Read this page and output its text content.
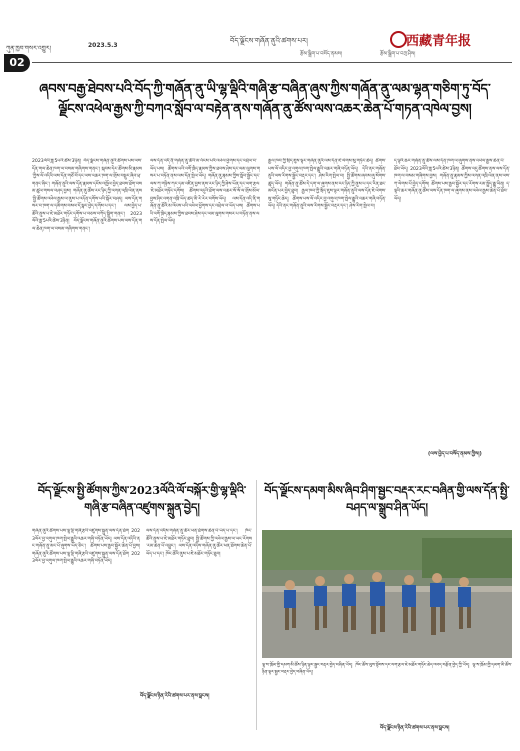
ཀུན་ཁྱབ་གསར་འགྱུར།	2023.5.3
བོད་ལྗོངས་གཞོན་ནུའི་ཚགས་པར།
རྩོམ་སྒྲིག་པ་བསོད་ནམས།	རྩོམ་སྒྲིག་པ་བཀྲ་ཤིས།
西藏青年报
02
ཞབས་བརྒྱ་ཐེབས་པའི་བོད་ཀྱི་གཞོན་ནུ་ཡི་ལྷ་ལྡིའི་གཞི་རྩ་བཞིན་ཞུས་ཀྱིས་གཞོན་ནུ་ལམ་ལྷན་གཅིག་ཏུ་བོད་ལྗོངས་འཕེལ་རྒྱས་ཀྱི་བཀའ་སློབ་ལ་བརྟེན་ནས་གཞོན་ནུ་ཚོས་ལས་འཆར་ཆེན་པོ་གཏན་འཁེལ་བྱས།
2023ལོའི་ཟླ་5པའི་ཚེས་3ཉིན། བོད་ལྗོངས་གཞོན་ནུའི་ཚོགས་པས་ལས་དོན་གལ་ཆེན་ཁག་ལ་བསམ་གཞིགས་གནང་། སྐབས་དེར་ཚོགས་མི་རྣམས་ཀྱིས་ལོ་འདིའི་ལས་དོན་གཙོ་བོ་དང་ལས་འཆར་ཁག་ལ་གྲོས་བསྡུར་ཞིབ་ཕྲ་གནང་ཞིང་། གཞོན་ནུའི་ལས་དོན་རྣམས་དངོས་འཁྱོལ་བྱེད་ཐབས་ཐོག་བསམ་ཚུལ་གསལ་བཤད་བྱས། གཞོན་ནུ་ཚོས་རང་ཉིད་ཀྱི་འགན་འཁྲི་ལེན་ནས་སྤྱི་ཚོགས་འཕེལ་རྒྱས་ལ་ནུས་པ་འདོན་དགོས་པའི་སྐོར་བཤད། ལས་དོན་གསར་བ་ཁག་ལ་དམིགས་བསལ་དོ་སྣང་བྱེད་དགོས་པ་དང་། ལས་བྱེད་པ་ཚོའི་ནུས་པ་ཇེ་མཐོར་གཏོང་དགོས་པ་བཅས་བཀོད་སྒྲིག་གནང་། 2023ལོའི་ཟླ་5པའི་ཚེས་3ཉིན། བོད་ལྗོངས་གཞོན་ནུའི་ཚོགས་པས་ལས་དོན་གལ་ཆེན་ཁག་ལ་བསམ་གཞིགས་གནང་།
ལས་དོན་འདི་ནི་གཞོན་ནུ་ཚོའི་མ་འོངས་པའི་འཕེལ་ཕྱོགས་དང་འབྲེལ་བ་ཡོད་པས། ཚོགས་པའི་འགོ་ཁྲིད་རྣམས་ཀྱིས་ཐབས་ཤེས་དང་ལམ་ལུགས་གསར་པ་བཏོན་ནས་ལས་དོན་སྤེལ་ཡོད། གཞོན་ནུ་རྣམས་ཀྱིས་སློབ་སྦྱོང་དང་ལས་ཀ་གཉིས་ཀར་དམ་འཛིན་བྱས་ནས་རང་ཉིད་ཀྱི་ཤེས་ཡོན་དང་ལག་རྩལ་ཇེ་མཐོར་གཏོང་དགོས། ཚོགས་འདུའི་ཐོག་ལས་འཆར་སོ་སོ་ལ་གྲོས་མོལ་བྱས་ཤིང་འགན་འཁྲི་ཡོད་ཚད་མི་རེ་རེར་བགོས་ཡོད། ལས་དོན་འདི་ནི་གཞོན་ནུ་ཚོའི་མ་འོངས་པའི་འཕེལ་ཕྱོགས་དང་འབྲེལ་བ་ཡོད་པས། ཚོགས་པའི་འགོ་ཁྲིད་རྣམས་ཀྱིས་ཐབས་ཤེས་དང་ལམ་ལུགས་གསར་པ་བཏོན་ནས་ལས་དོན་སྤེལ་ཡོད།
རྒྱལ་ཁབ་ཀྱི་སྲིད་ཇུས་ལྟར་གཞོན་ནུའི་ལས་དོན་ཇེ་ལེགས་སུ་གཏོང་ཆེད། ཚོགས་པས་ལོ་འདིར་བྱ་འགུལ་ཁག་སྤེལ་རྒྱུའི་འཆར་གཞི་བཏོན་ཡོད། དེའི་ནང་གཞོན་ནུའི་ལས་རིགས་སྦྱོང་བརྡར་དང་། ཤེས་རིག་སྤེལ་བ། སྤྱི་ཚོགས་ཞབས་ཞུ་སོགས་ཚུད་ཡོད། གཞོན་ནུ་ཚོས་དེ་དག་ལ་ཞུགས་ནས་རང་ཉིད་ཀྱི་ནུས་པ་དང་རིན་ཐང་མངོན་པར་བྱེད་ཐུབ། རྒྱལ་ཁབ་ཀྱི་སྲིད་ཇུས་ལྟར་གཞོན་ནུའི་ལས་དོན་ཇེ་ལེགས་སུ་གཏོང་ཆེད། ཚོགས་པས་ལོ་འདིར་བྱ་འགུལ་ཁག་སྤེལ་རྒྱུའི་འཆར་གཞི་བཏོན་ཡོད། དེའི་ནང་གཞོན་ནུའི་ལས་རིགས་སྦྱོང་བརྡར་དང་། ཤེས་རིག་སྤེལ་བ།
ད་ལྟའི་ཆར་གཞོན་ནུ་ཚོས་ལས་དོན་ཁག་ལ་ཞུགས་ནས་འཕེལ་རྒྱས་ཆེན་པོ་ཐོབ་ཡོད། 2023ལོའི་ཟླ་5པའི་ཚེས་3ཉིན། ཚོགས་འདུ་ཚོགས་ནས་ལས་དོན་ཁག་ལ་བསམ་གཞིགས་བྱས། གཞོན་ནུ་རྣམས་ཀྱིས་འགན་འཁྲི་ལེན་ནས་ལས་ཀ་ལེགས་པོ་བྱེད་དགོས། ཚོགས་པས་རྒྱབ་སྐྱོར་དང་རོགས་རམ་སྤྲོད་རྒྱུ་ཡིན། ད་ལྟའི་ཆར་གཞོན་ནུ་ཚོས་ལས་དོན་ཁག་ལ་ཞུགས་ནས་འཕེལ་རྒྱས་ཆེན་པོ་ཐོབ་ཡོད།
(ལས་བྱེད་པ་བསོད་ནམས་ཀྱིས།)
བོད་ལྗོངས་སྤྱི་ཚོགས་ཀྱིས་2023ལོའི་ལོ་བསྐོར་གྱི་ལྷ་ལྡིའི་གཞི་རྩ་བཞིན་འཛུགས་སྐྲུན་བྱེད།
གཞོན་ནུའི་ཚོགས་པས་ལྷ་ལྡི་གཞི་རྩའི་འཛུགས་སྐྲུན་ལས་དོན་ཐོག 2023ལོར་བྱ་འགུལ་ཁག་སྤེལ་རྒྱུའི་འཆར་གཞི་བཏོན་ཡོད། ལས་དོན་འདིའི་ནང་གཞོན་ནུ་མང་པོ་ཞུགས་ཡོད་ཅིང་། ཚོགས་པས་རྒྱབ་སྐྱོར་ཆེན་པོ་བྱས། གཞོན་ནུའི་ཚོགས་པས་ལྷ་ལྡི་གཞི་རྩའི་འཛུགས་སྐྲུན་ལས་དོན་ཐོག 2023ལོར་བྱ་འགུལ་ཁག་སྤེལ་རྒྱུའི་འཆར་གཞི་བཏོན་ཡོད།
ལས་དོན་འདིས་གཞོན་ནུ་ཚོར་ཕན་ཐོགས་ཆེན་པོ་ཡོད་པ་དང་། ཁོང་ཚོའི་ནུས་པ་ཇེ་མཐོར་གཏོང་ཐུབ། སྤྱི་ཚོགས་ཀྱི་འཕེལ་རྒྱས་ལ་ཡང་རོགས་རམ་ཆེན་པོ་འབྱུང་། ལས་དོན་འདིས་གཞོན་ནུ་ཚོར་ཕན་ཐོགས་ཆེན་པོ་ཡོད་པ་དང་། ཁོང་ཚོའི་ནུས་པ་ཇེ་མཐོར་གཏོང་ཐུབ།
བོད་ལྗོངས་ཉིན་རེའི་ཚགས་པར་ནས་བླངས།
བོད་ལྗོངས་དམག་མིས་ཞིབ་ཤིག་སྦྱང་བརྡར་རང་བཞིན་གྱི་ལས་དོན་སྤྱི་བཤད་ལ་སྒྲུབ་ཤིན་ཡོད།
ལྷ་ས་ཁྲོམ་གྱི་དམག་མི་ཚོས་ཉིན་ལྟར་སྦྱང་བརྡར་བྱེད་བཞིན་ཡོད། ཁོང་ཚོས་ལུས་སྟོབས་དང་ལག་རྩལ་ཇེ་མཐོར་གཏོང་ཆེད་འབད་བརྩོན་བྱེད་ཀྱི་ཡོད། ལྷ་ས་ཁྲོམ་གྱི་དམག་མི་ཚོས་ཉིན་ལྟར་སྦྱང་བརྡར་བྱེད་བཞིན་ཡོད།
བོད་ལྗོངས་ཉིན་རེའི་ཚགས་པར་ནས་བླངས།
